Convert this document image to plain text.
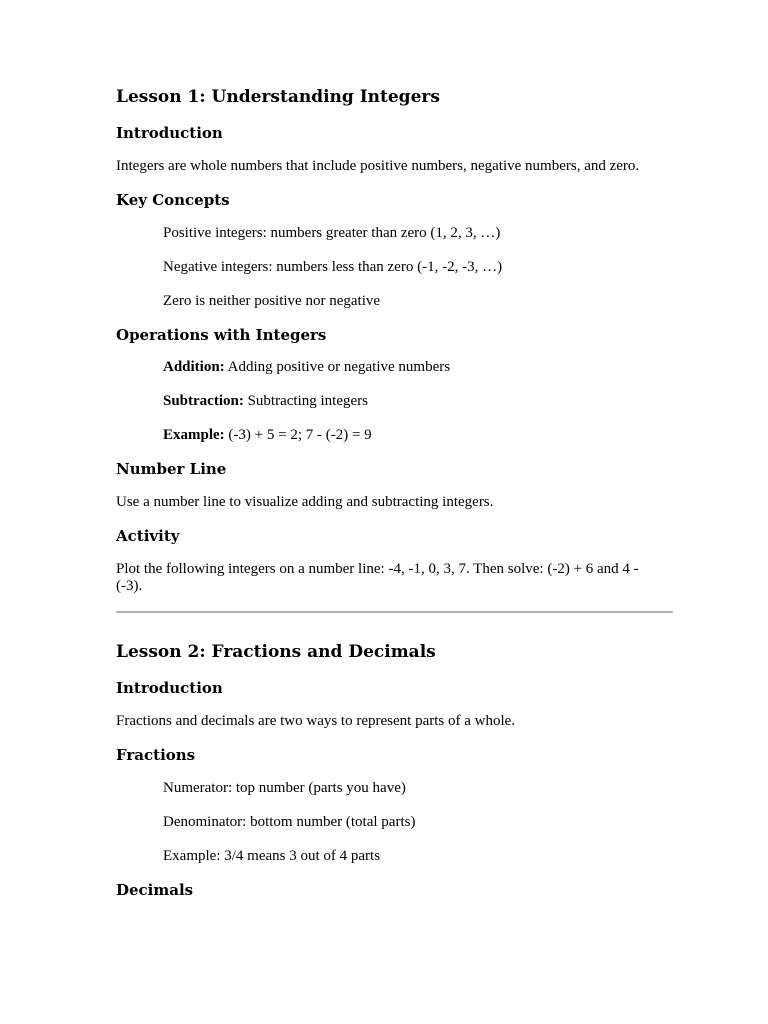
Lesson 1: Understanding Integers
Introduction

Integers are whole numbers that include positive numbers, negative numbers, and zero.

Key Concepts

Positive integers: numbers greater than zero (1, 2, 3, …)

Negative integers: numbers less than zero (-1, -2, -3, …)

Zero is neither positive nor negative

Operations with Integers

Addition: Adding positive or negative numbers

Subtraction: Subtracting integers

Example: (-3) + 5 = 2; 7 - (-2) = 9

Number Line

Use a number line to visualize adding and subtracting integers.

Activity

Plot the following integers on a number line: -4, -1, 0, 3, 7. Then solve: (-2) + 6 and 4 - (-3).

Lesson 2: Fractions and Decimals
Introduction

Fractions and decimals are two ways to represent parts of a whole.

Fractions

Numerator: top number (parts you have)

Denominator: bottom number (total parts)

Example: 3/4 means 3 out of 4 parts

Decimals
